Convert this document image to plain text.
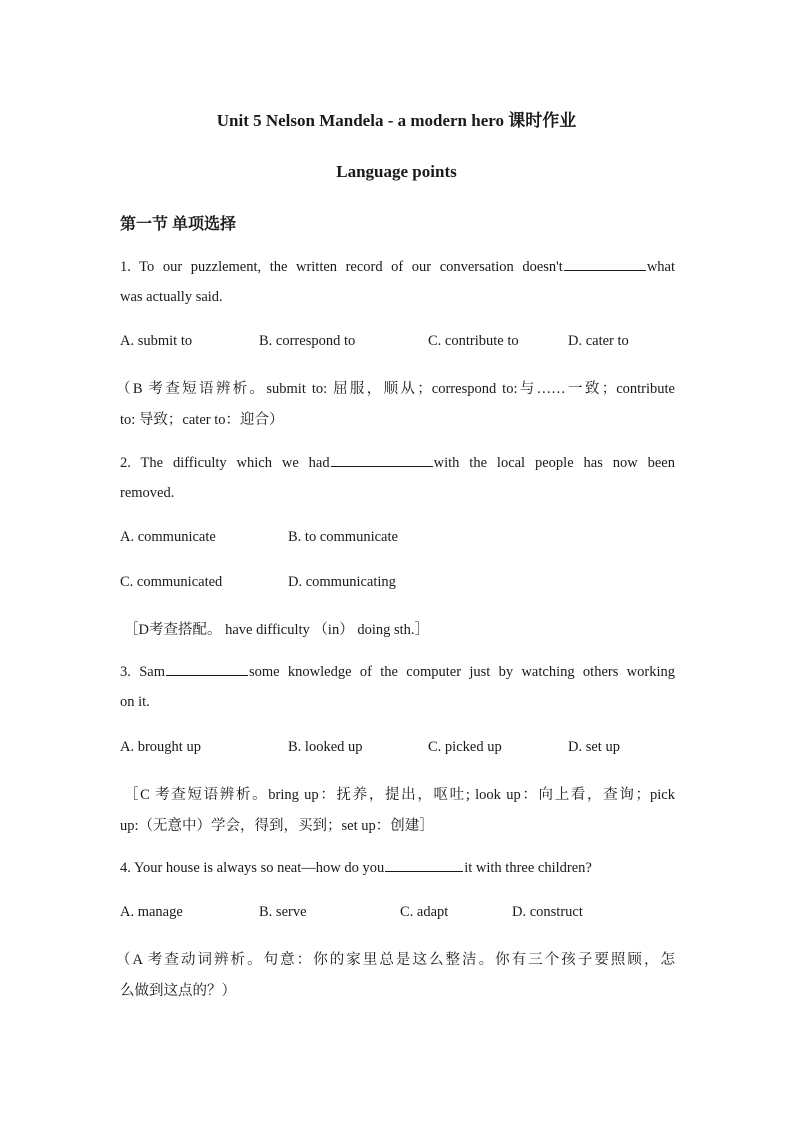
Unit 5 Nelson Mandela - a modern hero 课时作业
Language points
第一节 单项选择
1. To our puzzlement, the written record of our conversation doesn't	what
was actually said.
A. submit to	B. correspond to	C. contribute to	D. cater to
（B 考查短语辨析。submit to: 屈服，顺从；correspond to:与……一致；contribute
to: 导致；cater to：迎合）
2. The difficulty which we had	with the local people has now been
removed.
A. communicate	B. to communicate
C. communicated	D. communicating
［D考查搭配。 have difficulty （in） doing sth.］
3. Sam	some knowledge of the computer just by watching others working
on it.
A. brought up	B. looked up	C. picked up	D. set up
［C 考查短语辨析。bring up：抚养，提出，呕吐; look up：向上看，查询；pick
up:（无意中）学会，得到，买到；set up：创建］
4. Your house is always so neat—how do you	it with three children?
A. manage	B. serve	C. adapt	D. construct
（A 考查动词辨析。句意：你的家里总是这么整洁。你有三个孩子要照顾，怎
么做到这点的？）
